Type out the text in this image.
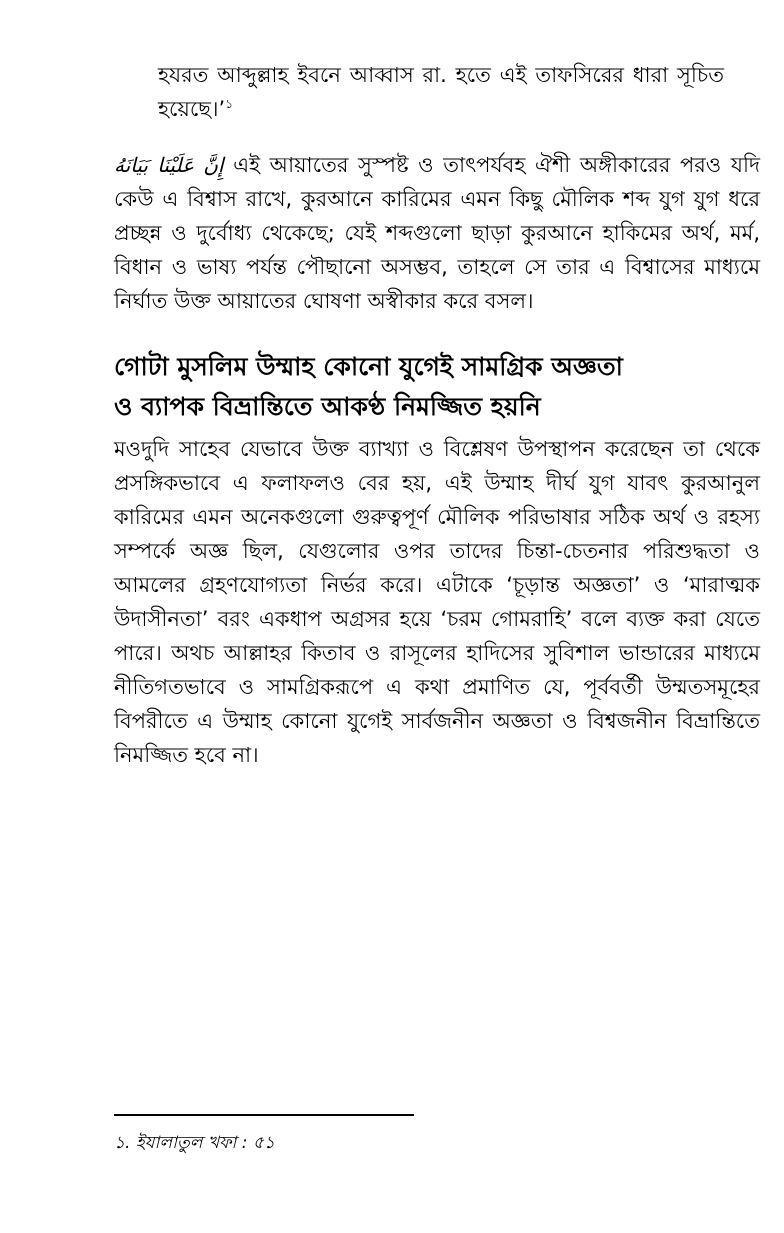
হযরত আব্দুল্লাহ ইবনে আব্বাস রা. হতে এই তাফসিরের ধারা সূচিত হয়েছে।’$^১$
إِنَّ عَلَيْنَا بَيَانَهُ এই আয়াতের সুস্পষ্ট ও তাৎপর্যবহ ঐশী অঙ্গীকারের পরও যদি কেউ এ বিশ্বাস রাখে, কুরআনে কারিমের এমন কিছু মৌলিক শব্দ যুগ যুগ ধরে প্রচ্ছন্ন ও দুর্বোধ্য থেকেছে; যেই শব্দগুলো ছাড়া কুরআনে হাকিমের অর্থ, মর্ম, বিধান ও ভাষ্য পর্যন্ত পৌছানো অসম্ভব, তাহলে সে তার এ বিশ্বাসের মাধ্যমে নির্ঘাত উক্ত আয়াতের ঘোষণা অস্বীকার করে বসল।
গোটা মুসলিম উম্মাহ কোনো যুগেই সামগ্রিক অজ্ঞতা
ও ব্যাপক বিভ্রান্তিতে আকণ্ঠ নিমজ্জিত হয়নি
মওদুদি সাহেব যেভাবে উক্ত ব্যাখ্যা ও বিশ্লেষণ উপস্থাপন করেছেন তা থেকে প্রসঙ্গিকভাবে এ ফলাফলও বের হয়, এই উম্মাহ দীর্ঘ যুগ যাবৎ কুরআনুল কারিমের এমন অনেকগুলো গুরুত্বপূর্ণ মৌলিক পরিভাষার সঠিক অর্থ ও রহস্য সম্পর্কে অজ্ঞ ছিল, যেগুলোর ওপর তাদের চিন্তা-চেতনার পরিশুদ্ধতা ও আমলের গ্রহণযোগ্যতা নির্ভর করে। এটাকে ‘চূড়ান্ত অজ্ঞতা’ ও ‘মারাত্মক উদাসীনতা’ বরং একধাপ অগ্রসর হয়ে ‘চরম গোমরাহি’ বলে ব্যক্ত করা যেতে পারে। অথচ আল্লাহর কিতাব ও রাসূলের হাদিসের সুবিশাল ভান্ডারের মাধ্যমে নীতিগতভাবে ও সামগ্রিকরূপে এ কথা প্রমাণিত যে, পূর্ববর্তী উম্মতসমূহের বিপরীতে এ উম্মাহ কোনো যুগেই সার্বজনীন অজ্ঞতা ও বিশ্বজনীন বিভ্রান্তিতে নিমজ্জিত হবে না।
১. ইযালাতুল খফা : ৫১
